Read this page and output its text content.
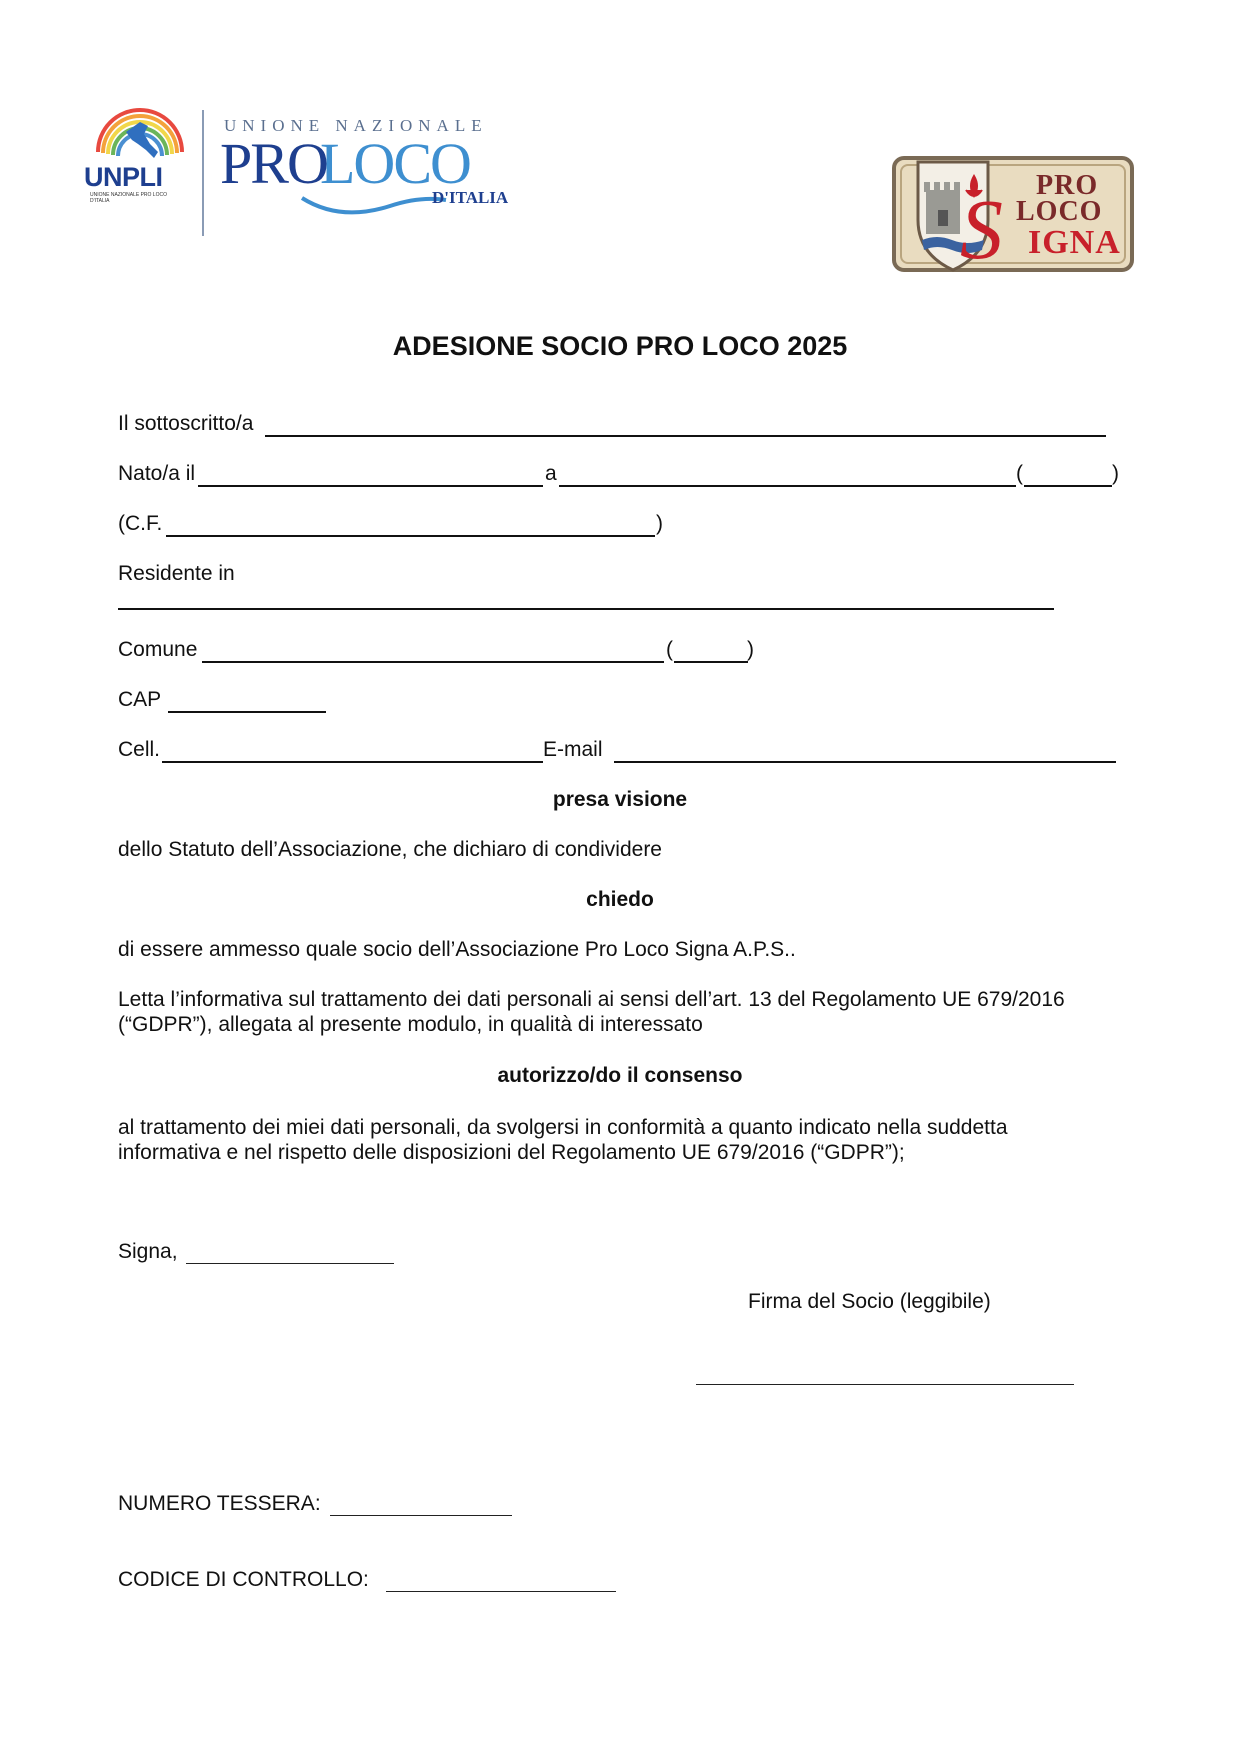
UNPLI
UNIONE NAZIONALE PRO LOCO D'ITALIA
UNIONE NAZIONALE
PRO
LOCO
D'ITALIA	PRO
LOCO
S IGNA
ADESIONE SOCIO PRO LOCO 2025
Il sottoscritto/a
Nato/a il	a	(	)
(C.F.	)
Residente in
Comune	(	)
CAP
Cell.	E-mail
presa visione
dello Statuto dell’Associazione, che dichiaro di condividere
chiedo
di essere ammesso quale socio dell’Associazione Pro Loco Signa A.P.S..
Letta l’informativa sul trattamento dei dati personali ai sensi dell’art. 13 del Regolamento UE 679/2016
(“GDPR”), allegata al presente modulo, in qualità di interessato
autorizzo/do il consenso
al trattamento dei miei dati personali, da svolgersi in conformità a quanto indicato nella suddetta
informativa e nel rispetto delle disposizioni del Regolamento UE 679/2016 (“GDPR”);
Signa,
Firma del Socio (leggibile)
NUMERO TESSERA:
CODICE DI CONTROLLO:
